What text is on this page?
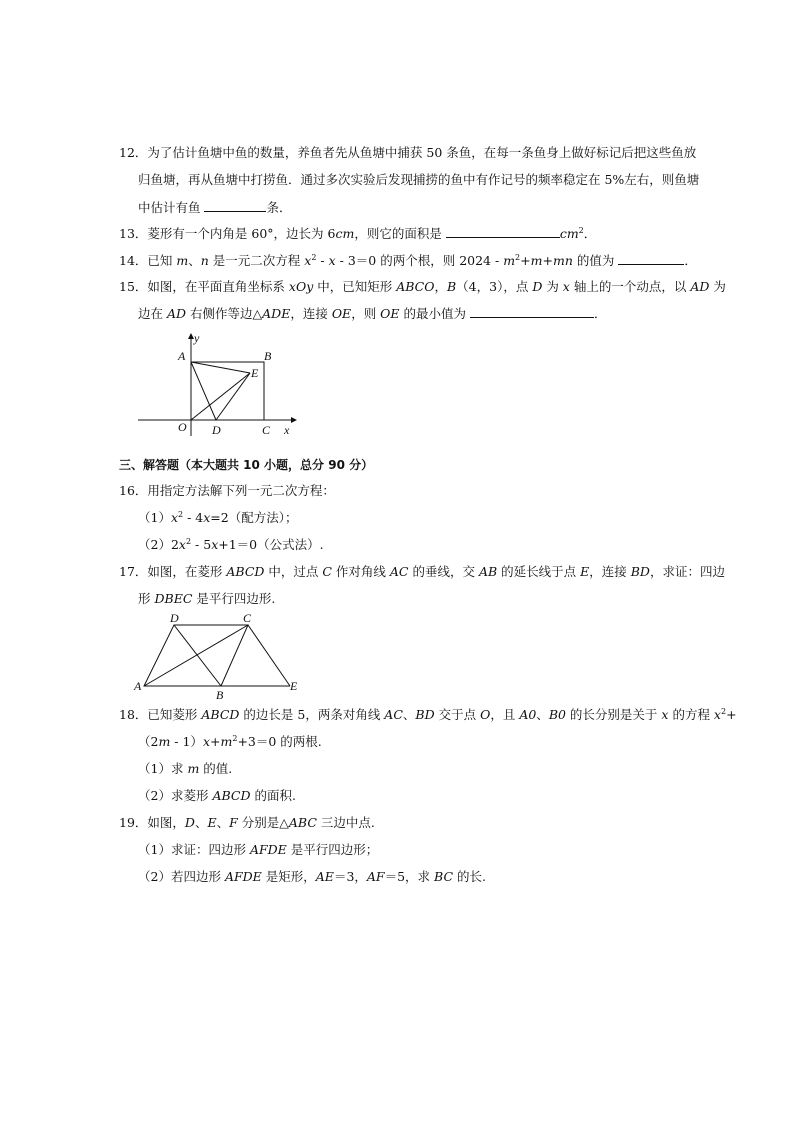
12．为了估计鱼塘中鱼的数量，养鱼者先从鱼塘中捕获 50 条鱼，在每一条鱼身上做好标记后把这些鱼放
归鱼塘，再从鱼塘中打捞鱼．通过多次实验后发现捕捞的鱼中有作记号的频率稳定在 5%左右，则鱼塘
中估计有鱼	条．
13．菱形有一个内角是 60°，边长为 6cm，则它的面积是	$cm^2$．
14．已知 m、n 是一元二次方程 $x^2 - x - 3=0$ 的两个根，则 $2024 - m^2+m+mn$ 的值为	．
15．如图，在平面直角坐标系 xOy 中，已知矩形 ABCO，B（4，3），点 D 为 x 轴上的一个动点，以 AD 为
边在 AD 右侧作等边△ADE，连接 OE，则 OE 的最小值为	．
y
A	B
E
O D	C x
三、解答题（本大题共 10 小题，总分 90 分）
16．用指定方法解下列一元二次方程：
$(1)x^2 - 4x=2$（配方法）；
$(2)2x^2 - 5x+1=0$（公式法）.
17．如图，在菱形 ABCD 中，过点 C 作对角线 AC 的垂线，交 AB 的延长线于点 E，连接 BD，求证：四边
形 DBEC 是平行四边形.
D	C
A
B
E
18．已知菱形 ABCD 的边长是 5，两条对角线 AC、BD 交于点 O，且 A0、B0 的长分别是关于 x 的方程 $x^2+$
$(2m - 1)x+m^2+3=0$ 的两根.
（1）求 m 的值.
（2）求菱形 ABCD 的面积.
19．如图，D、E、F 分别是△ABC 三边中点.
（1）求证：四边形 AFDE 是平行四边形；
（2）若四边形 AFDE 是矩形，AE＝3，AF＝5，求 BC 的长.
